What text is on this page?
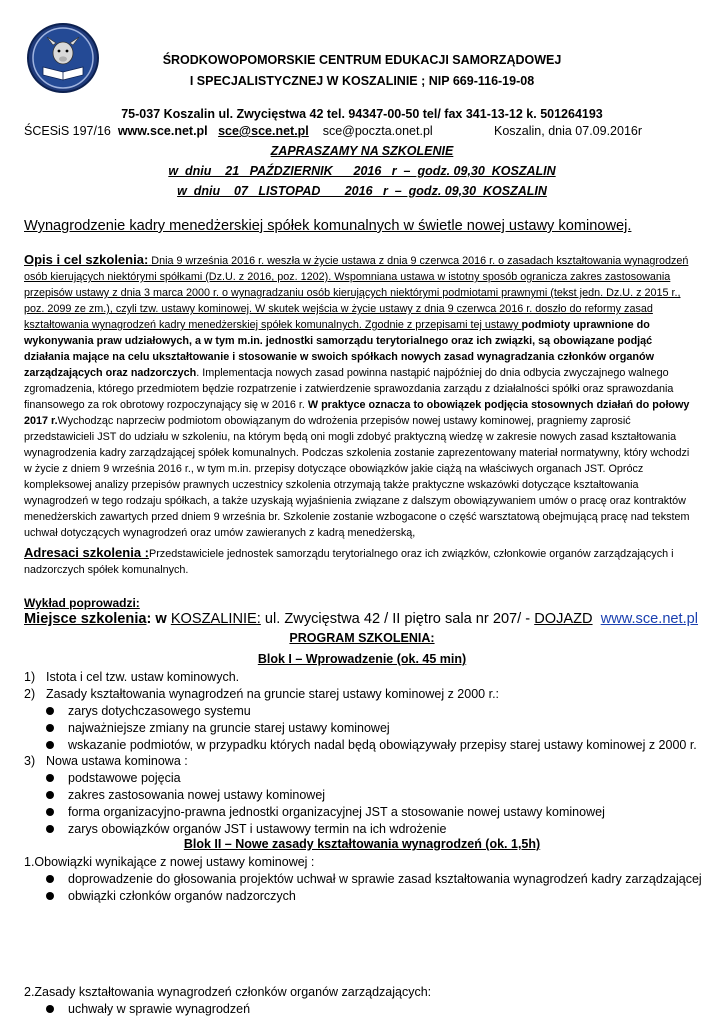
ŚRODKOWOPOMORSKIE CENTRUM EDUKACJI SAMORZĄDOWEJ
I SPECJALISTYCZNEJ W KOSZALINIE ; NIP 669-116-19-08
75-037 Koszalin ul. Zwycięstwa 42 tel. 94347-00-50 tel/ fax 341-13-12 k. 501264193
ŚCESiS 197/16 www.sce.net.pl sce@sce.net.pl sce@poczta.onet.pl	Koszalin, dnia 07.09.2016r
ZAPRASZAMY NA SZKOLENIE
w  dniu    21   PAŹDZIERNIK      2016   r  –  godz. 09,30  KOSZALIN
w  dniu    07   LISTOPAD       2016   r  –  godz. 09,30  KOSZALIN
Wynagrodzenie kadry menedżerskiej spółek komunalnych w świetle nowej ustawy kominowej.
Opis i cel szkolenia: Dnia 9 września 2016 r. weszła w życie ustawa z dnia 9 czerwca 2016 r. o zasadach kształtowania wynagrodzeń osób kierujących niektórymi spółkami (Dz.U. z 2016, poz. 1202). Wspomniana ustawa w istotny sposób ogranicza zakres zastosowania przepisów ustawy z dnia 3 marca 2000 r. o wynagradzaniu osób kierujących niektórymi podmiotami prawnymi (tekst jedn. Dz.U. z 2015 r., poz. 2099 ze zm.), czyli tzw. ustawy kominowej. W skutek wejścia w życie ustawy z dnia 9 czerwca 2016 r. doszło do reformy zasad kształtowania wynagrodzeń kadry menedżerskiej spółek komunalnych. Zgodnie z przepisami tej ustawy podmioty uprawnione do wykonywania praw udziałowych, a w tym m.in. jednostki samorządu terytorialnego oraz ich związki, są obowiązane podjąć działania mające na celu ukształtowanie i stosowanie w swoich spółkach nowych zasad wynagradzania członków organów zarządzających oraz nadzorczych. Implementacja nowych zasad powinna nastąpić najpóźniej do dnia odbycia zwyczajnego walnego zgromadzenia, którego przedmiotem będzie rozpatrzenie i zatwierdzenie sprawozdania zarządu z działalności spółki oraz sprawozdania finansowego za rok obrotowy rozpoczynający się w 2016 r. W praktyce oznacza to obowiązek podjęcia stosownych działań do połowy 2017 r.Wychodząc naprzeciw podmiotom obowiązanym do wdrożenia przepisów nowej ustawy kominowej, pragniemy zaprosić przedstawicieli JST do udziału w szkoleniu, na którym będą oni mogli zdobyć praktyczną wiedzę w zakresie nowych zasad kształtowania wynagrodzenia kadry zarządzającej spółek komunalnych. Podczas szkolenia zostanie zaprezentowany materiał normatywny, który wchodzi w życie z dniem 9 września 2016 r., w tym m.in. przepisy dotyczące obowiązków jakie ciążą na właściwych organach JST. Oprócz kompleksowej analizy przepisów prawnych uczestnicy szkolenia otrzymają także praktyczne wskazówki dotyczące kształtowania wynagrodzeń w tego rodzaju spółkach, a także uzyskają wyjaśnienia związane z dalszym obowiązywaniem umów o pracę oraz kontraktów menedżerskich zawartych przed dniem 9 września br. Szkolenie zostanie wzbogacone o część warsztatową obejmującą pracę nad tekstem uchwał dotyczących wynagrodzeń oraz umów zawieranych z kadrą menedżerską,
Adresaci szkolenia :Przedstawiciele jednostek samorządu terytorialnego oraz ich związków, członkowie organów zarządzających i nadzorczych spółek komunalnych.
Wykład poprowadzi:
Miejsce szkolenia: w KOSZALINIE: ul. Zwycięstwa 42 / II piętro sala nr 207/ - DOJAZD www.sce.net.pl
PROGRAM SZKOLENIA:
Blok I – Wprowadzenie (ok. 45 min)
1) Istota i cel tzw. ustaw kominowych.
2) Zasady kształtowania wynagrodzeń na gruncie starej ustawy kominowej z 2000 r.:
zarys dotychczasowego systemu
najważniejsze zmiany na gruncie starej ustawy kominowej
wskazanie podmiotów, w przypadku których nadal będą obowiązywały przepisy starej ustawy kominowej z 2000 r.
3) Nowa ustawa kominowa :
podstawowe pojęcia
zakres zastosowania nowej ustawy kominowej
forma organizacyjno-prawna jednostki organizacyjnej JST a stosowanie nowej ustawy kominowej
zarys obowiązków organów JST i ustawowy termin na ich wdrożenie
Blok II – Nowe zasady kształtowania wynagrodzeń (ok. 1,5h)
1.Obowiązki wynikające z nowej ustawy kominowej :
doprowadzenie do głosowania projektów uchwał w sprawie zasad kształtowania wynagrodzeń kadry zarządzającej
obwiązki członków organów nadzorczych
2.Zasady kształtowania wynagrodzeń członków organów zarządzających:
uchwały w sprawie wynagrodzeń
